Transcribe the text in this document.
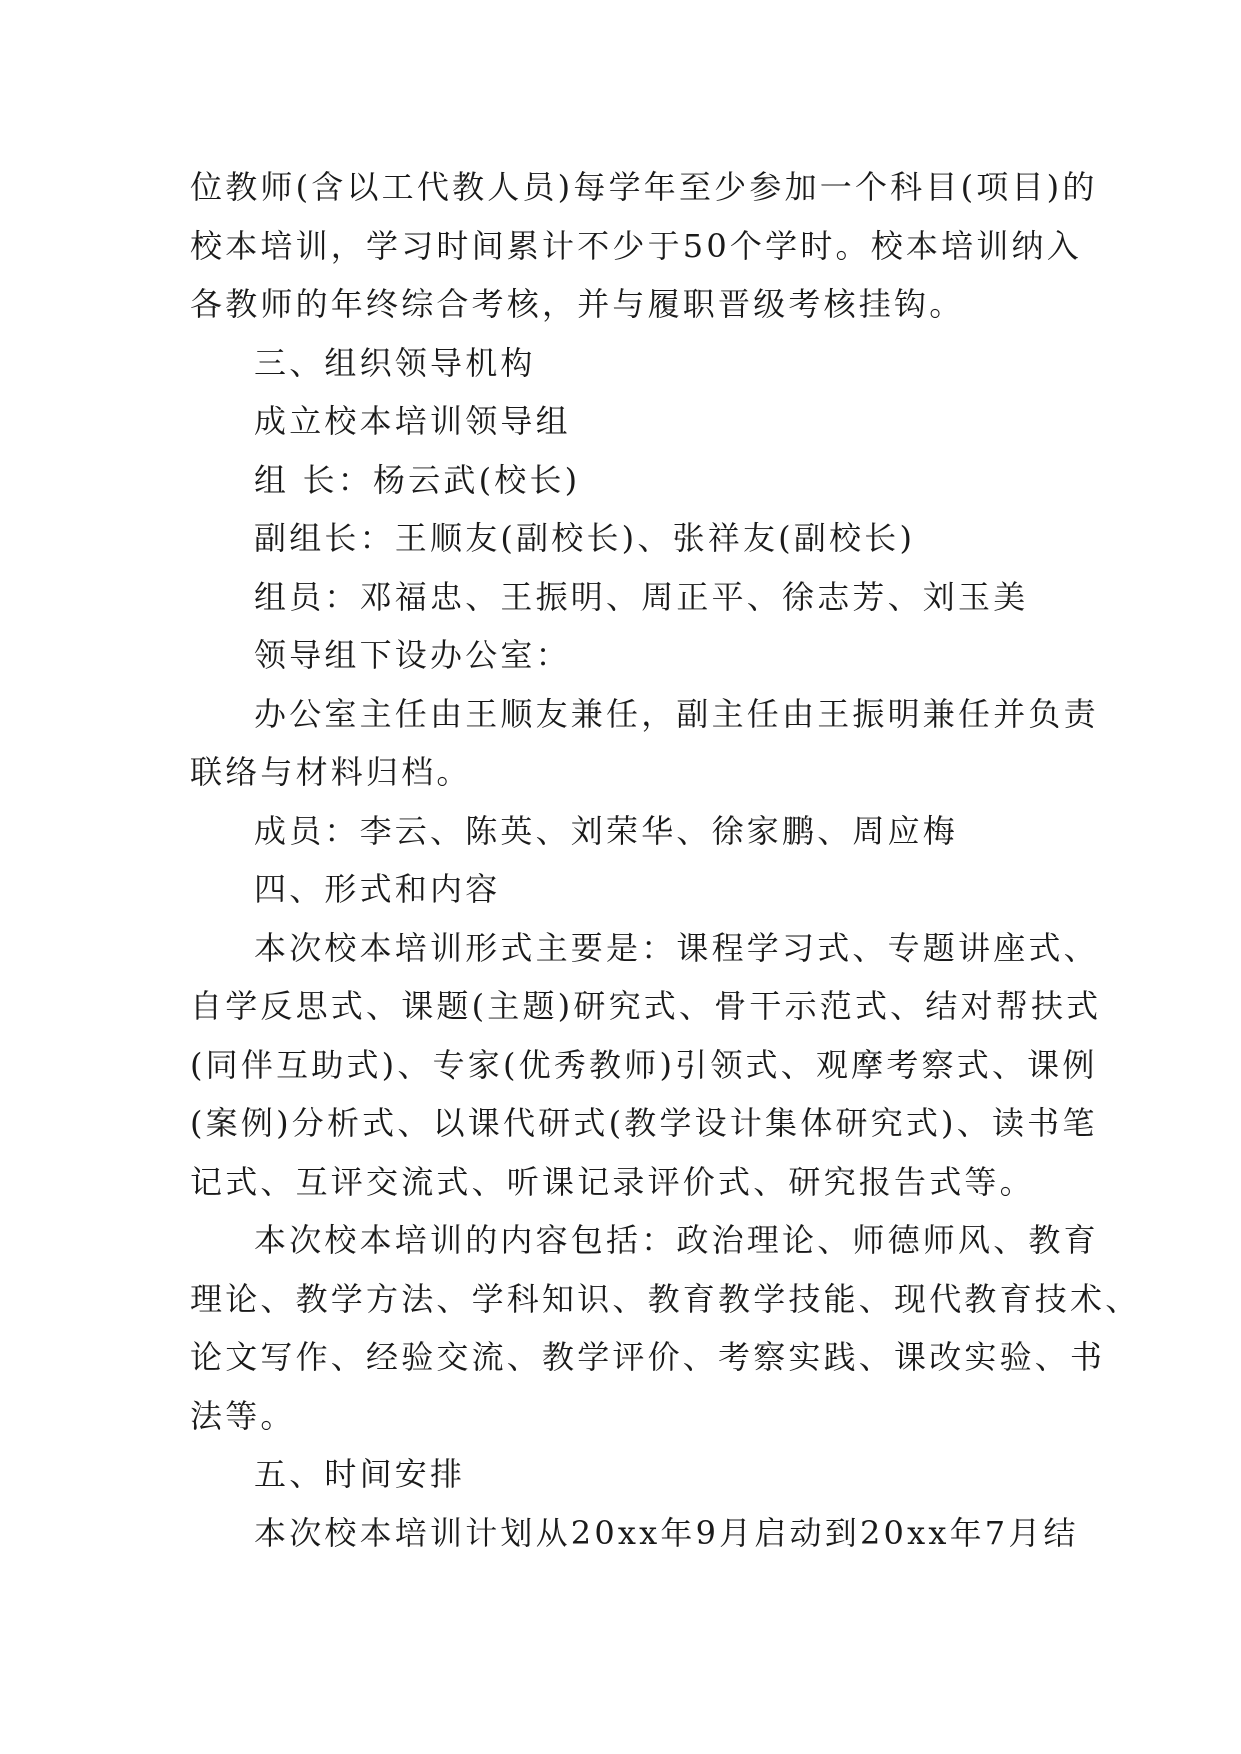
位教师(含以工代教人员)每学年至少参加一个科目(项目)的
校本培训，学习时间累计不少于50个学时。校本培训纳入
各教师的年终综合考核，并与履职晋级考核挂钩。
三、组织领导机构
成立校本培训领导组
组 长：杨云武(校长)
副组长：王顺友(副校长)、张祥友(副校长)
组员：邓福忠、王振明、周正平、徐志芳、刘玉美
领导组下设办公室：
办公室主任由王顺友兼任，副主任由王振明兼任并负责
联络与材料归档。
成员：李云、陈英、刘荣华、徐家鹏、周应梅
四、形式和内容
本次校本培训形式主要是：课程学习式、专题讲座式、
自学反思式、课题(主题)研究式、骨干示范式、结对帮扶式
(同伴互助式)、专家(优秀教师)引领式、观摩考察式、课例
(案例)分析式、以课代研式(教学设计集体研究式)、读书笔
记式、互评交流式、听课记录评价式、研究报告式等。
本次校本培训的内容包括：政治理论、师德师风、教育
理论、教学方法、学科知识、教育教学技能、现代教育技术、
论文写作、经验交流、教学评价、考察实践、课改实验、书
法等。
五、时间安排
本次校本培训计划从20xx年9月启动到20xx年7月结
